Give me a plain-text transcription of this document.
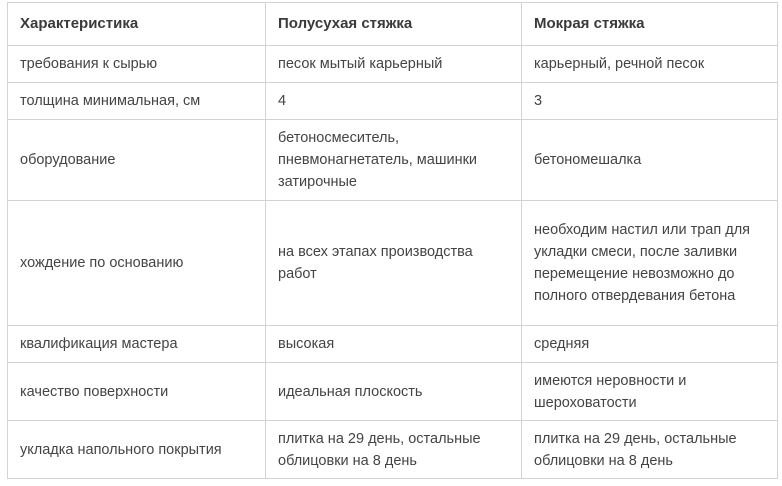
Характеристика	Полусухая стяжка	Мокрая стяжка
требования к сырью	песок мытый карьерный	карьерный, речной песок
толщина минимальная, см	4	3
оборудование	бетоносмеситель, пневмонагнетатель, машинки затирочные	бетономешалка
хождение по основанию	на всех этапах производства работ	необходим настил или трап для укладки смеси, после заливки перемещение невозможно до полного отвердевания бетона
квалификация мастера	высокая	средняя
качество поверхности	идеальная плоскость	имеются неровности и шероховатости
укладка напольного покрытия	плитка на 29 день, остальные облицовки на 8 день	плитка на 29 день, остальные облицовки на 8 день
